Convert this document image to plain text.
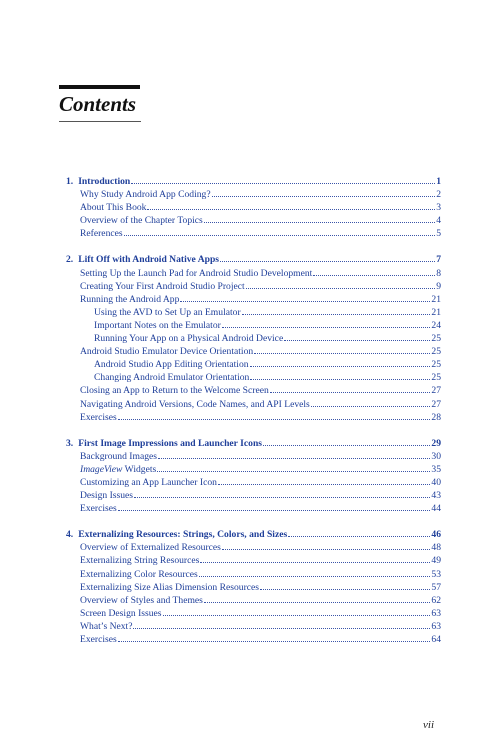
Contents
1. Introduction	1
Why Study Android App Coding?	2
About This Book	3
Overview of the Chapter Topics	4
References	5
2. Lift Off with Android Native Apps	7
Setting Up the Launch Pad for Android Studio Development	8
Creating Your First Android Studio Project	9
Running the Android App	21
Using the AVD to Set Up an Emulator	21
Important Notes on the Emulator	24
Running Your App on a Physical Android Device	25
Android Studio Emulator Device Orientation	25
Android Studio App Editing Orientation	25
Changing Android Emulator Orientation	25
Closing an App to Return to the Welcome Screen	27
Navigating Android Versions, Code Names, and API Levels	27
Exercises	28
3. First Image Impressions and Launcher Icons	29
Background Images	30
ImageView Widgets	35
Customizing an App Launcher Icon	40
Design Issues	43
Exercises	44
4. Externalizing Resources: Strings, Colors, and Sizes	46
Overview of Externalized Resources	48
Externalizing String Resources	49
Externalizing Color Resources	53
Externalizing Size Alias Dimension Resources	57
Overview of Styles and Themes	62
Screen Design Issues	63
What’s Next?	63
Exercises	64
vii
